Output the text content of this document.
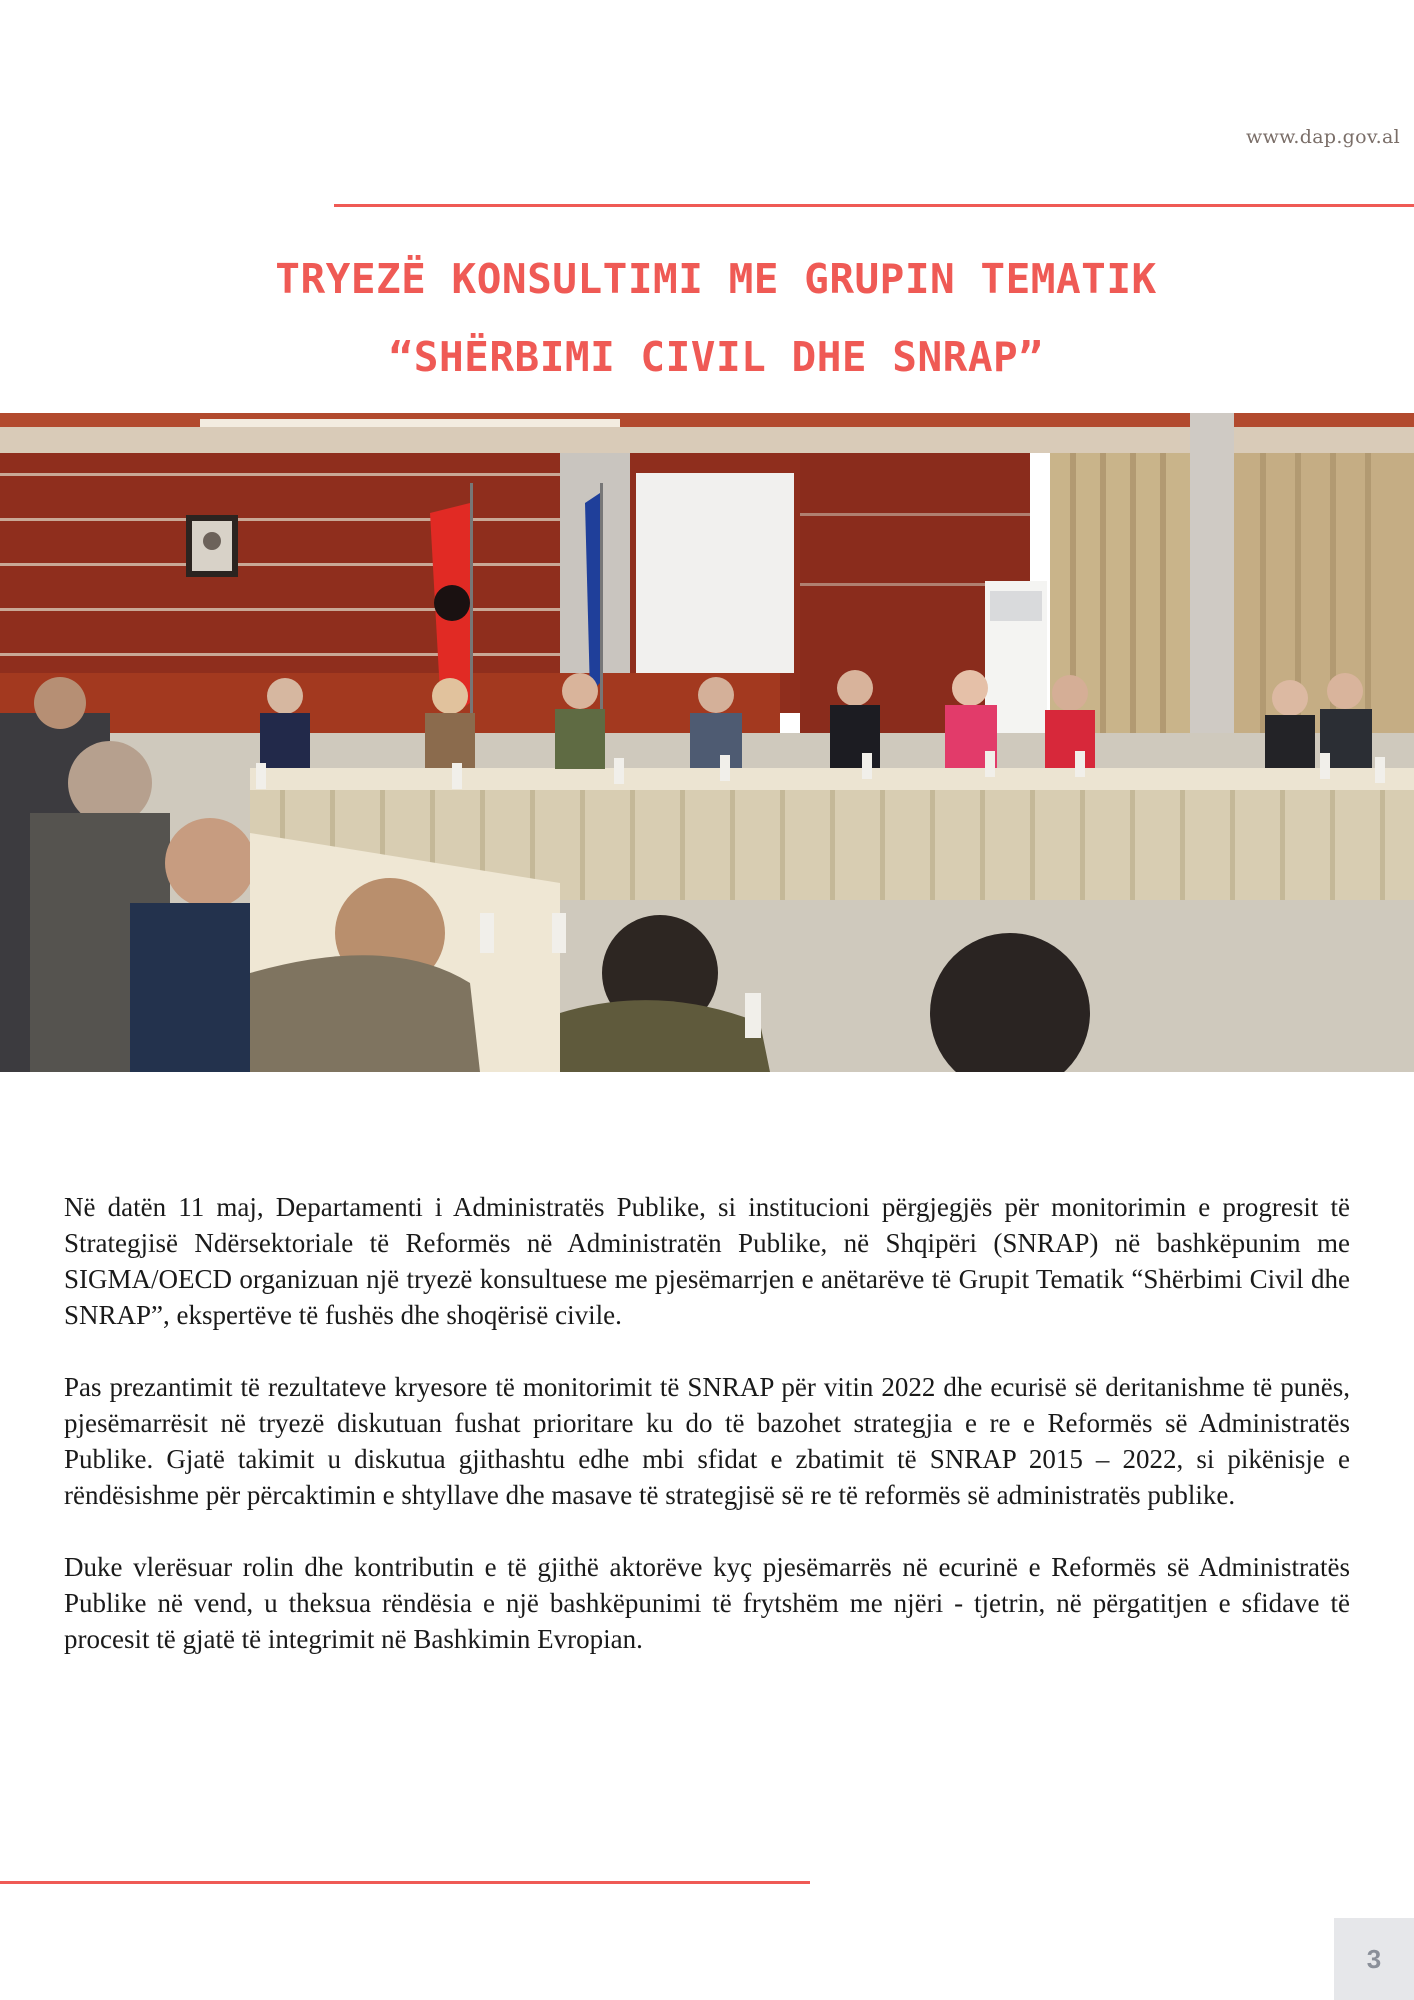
www.dap.gov.al
TRYEZË KONSULTIMI ME GRUPIN TEMATIK
“SHËRBIMI CIVIL DHE SNRAP”

Në datën 11 maj, Departamenti i Administratës Publike, si institucioni përgjegjës për monitorimin e progresit të Strategjisë Ndërsektoriale të Reformës në Administratën Publike, në Shqipëri (SNRAP) në bashkëpunim me SIGMA/OECD organizuan një tryezë konsultuese me pjesëmarrjen e anëtarëve të Grupit Tematik “Shërbimi Civil dhe SNRAP”, ekspertëve të fushës dhe shoqërisë civile.

Pas prezantimit të rezultateve kryesore të monitorimit të SNRAP për vitin 2022 dhe ecurisë së deritanishme të punës, pjesëmarrësit në tryezë diskutuan fushat prioritare ku do të bazohet strategjia e re e Reformës së Administratës Publike. Gjatë takimit u diskutua gjithashtu edhe mbi sfidat e zbatimit të SNRAP 2015 – 2022, si pikënisje e rëndësishme për përcaktimin e shtyllave dhe masave të strategjisë së re të reformës së administratës publike.

Duke vlerësuar rolin dhe kontributin e të gjithë aktorëve kyç pjesëmarrës në ecurinë e Reformës së Administratës Publike në vend, u theksua rëndësia e një bashkëpunimi të frytshëm me njëri - tjetrin, në përgatitjen e sfidave të procesit të gjatë të integrimit në Bashkimin Evropian.

3
